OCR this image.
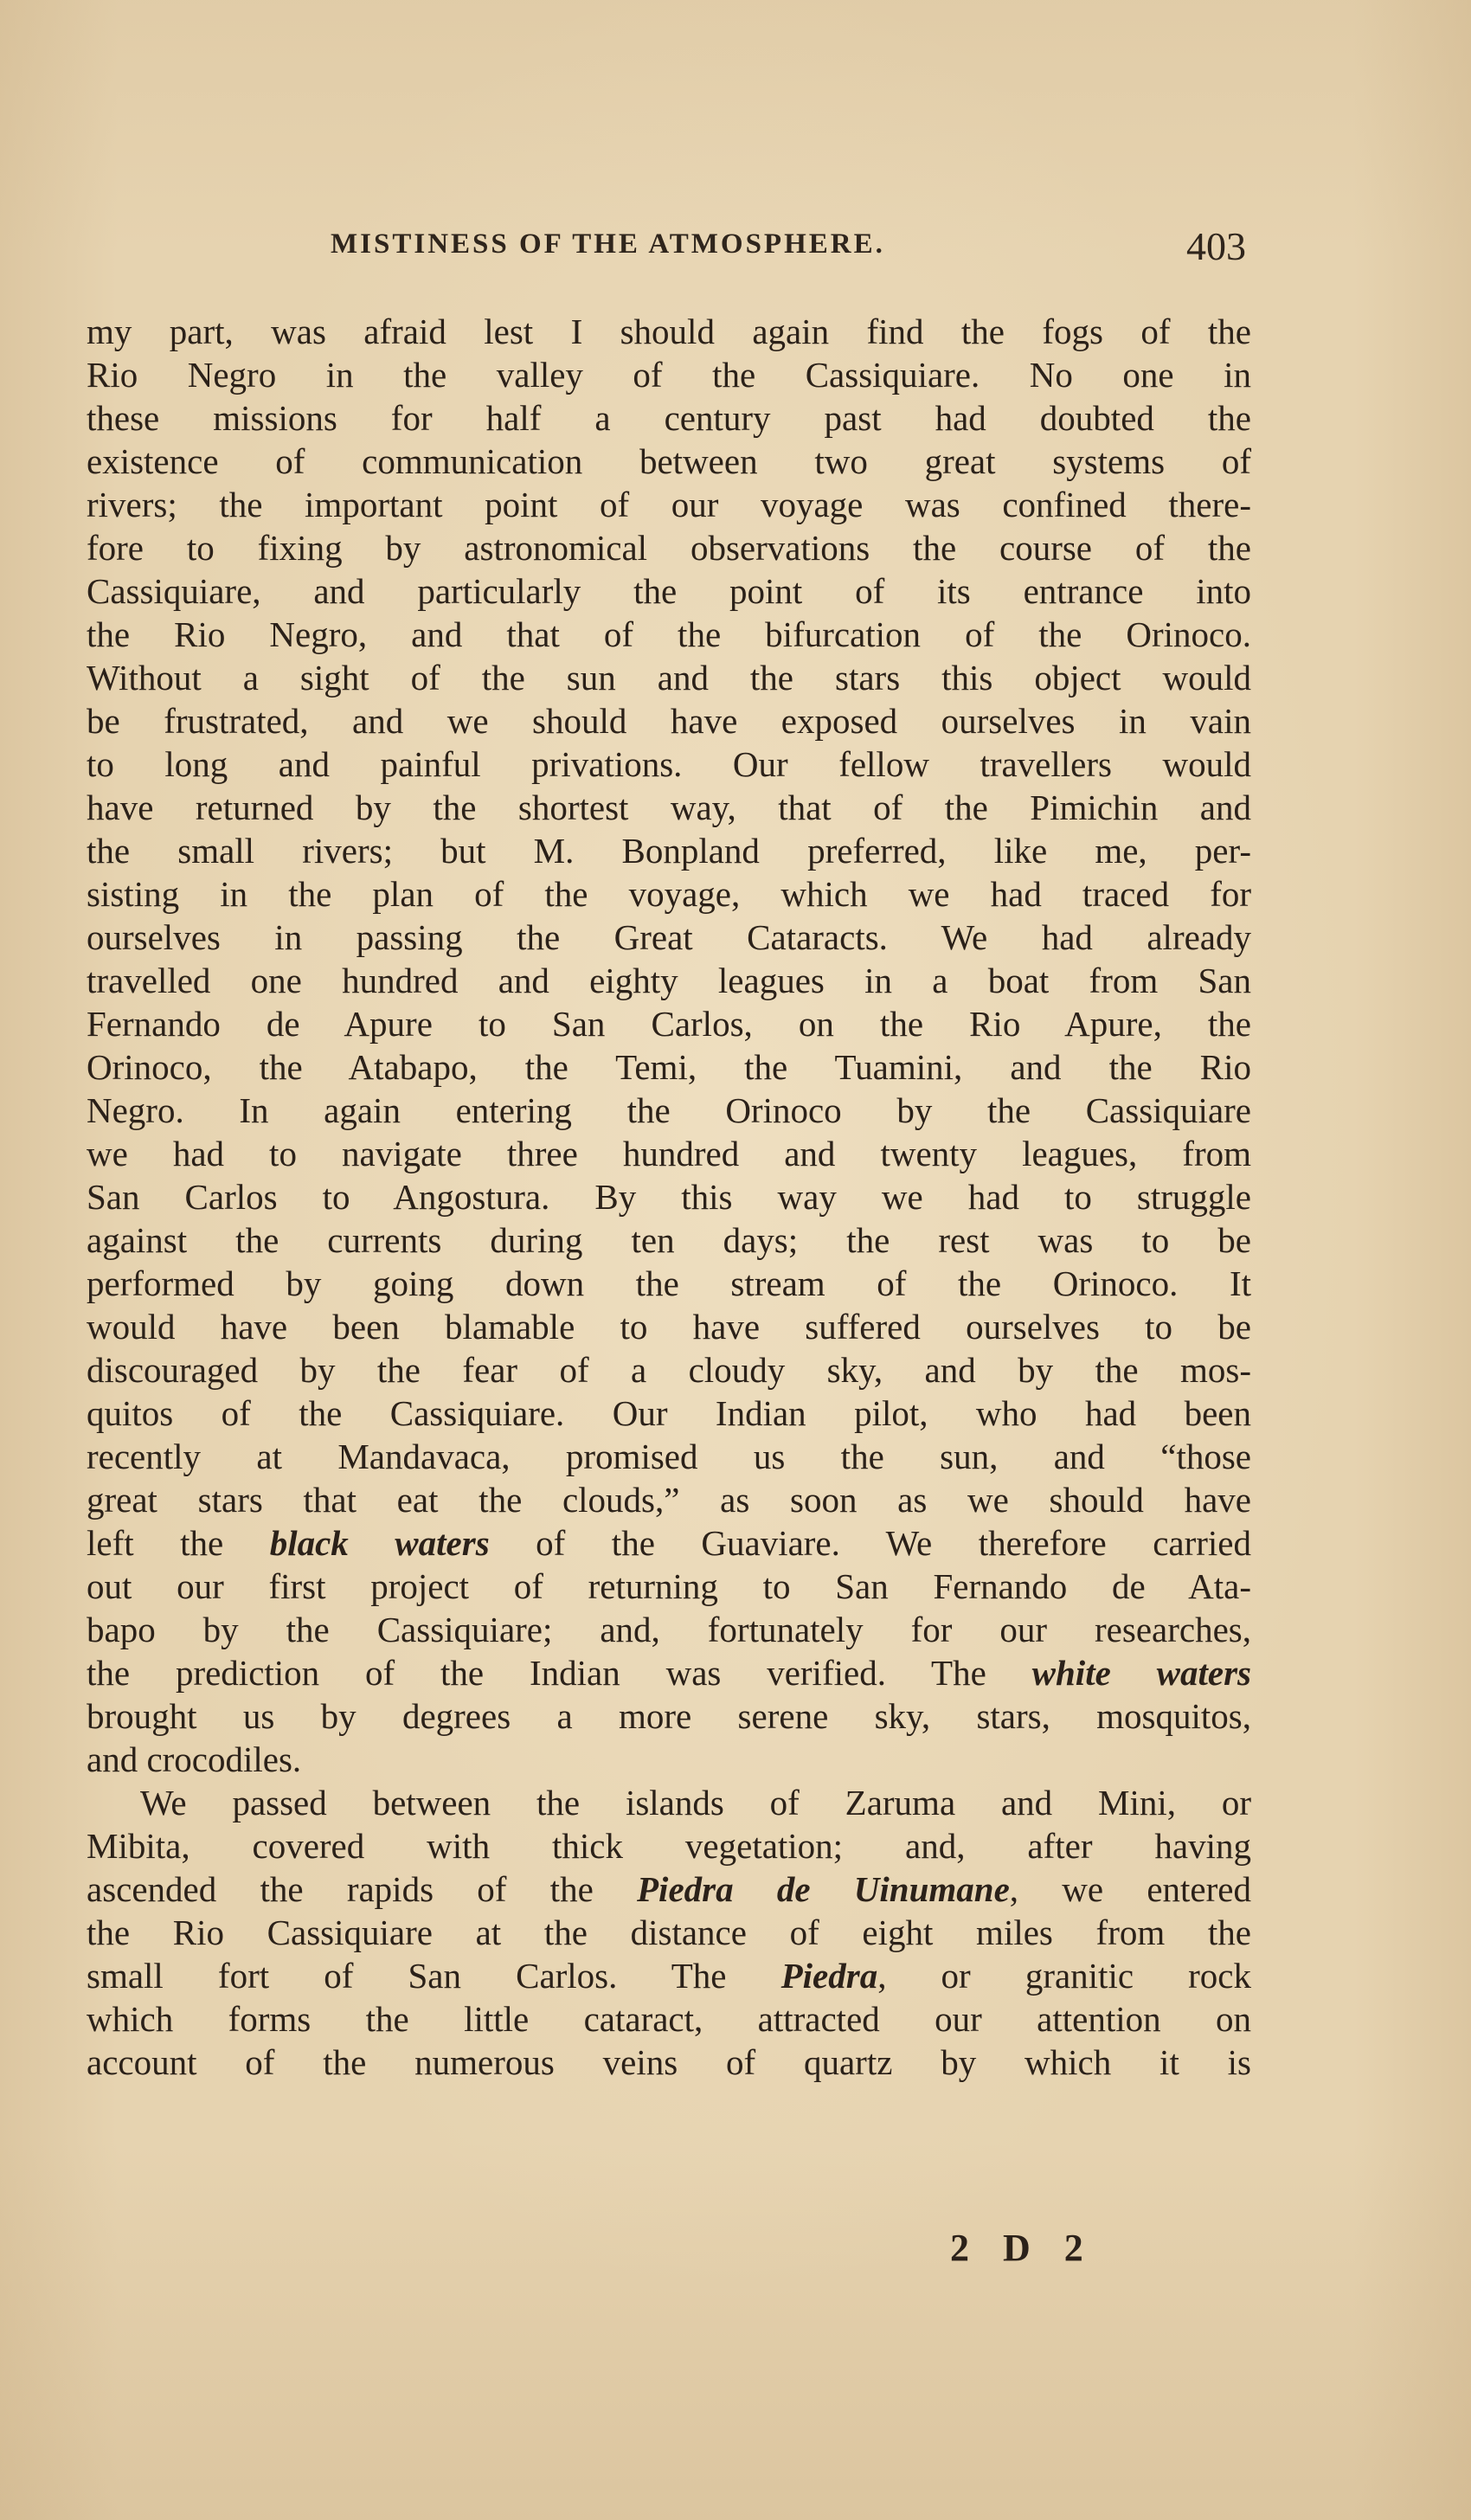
MISTINESS OF THE ATMOSPHERE.	403
my part, was afraid lest I should again find the fogs of the
Rio Negro in the valley of the Cassiquiare. No one in
these missions for half a century past had doubted the
existence of communication between two great systems of
rivers; the important point of our voyage was confined there-
fore to fixing by astronomical observations the course of the
Cassiquiare, and particularly the point of its entrance into
the Rio Negro, and that of the bifurcation of the Orinoco.
Without a sight of the sun and the stars this object would
be frustrated, and we should have exposed ourselves in vain
to long and painful privations. Our fellow travellers would
have returned by the shortest way, that of the Pimichin and
the small rivers; but M. Bonpland preferred, like me, per-
sisting in the plan of the voyage, which we had traced for
ourselves in passing the Great Cataracts. We had already
travelled one hundred and eighty leagues in a boat from San
Fernando de Apure to San Carlos, on the Rio Apure, the
Orinoco, the Atabapo, the Temi, the Tuamini, and the Rio
Negro. In again entering the Orinoco by the Cassiquiare
we had to navigate three hundred and twenty leagues, from
San Carlos to Angostura. By this way we had to struggle
against the currents during ten days; the rest was to be
performed by going down the stream of the Orinoco. It
would have been blamable to have suffered ourselves to be
discouraged by the fear of a cloudy sky, and by the mos-
quitos of the Cassiquiare. Our Indian pilot, who had been
recently at Mandavaca, promised us the sun, and “those
great stars that eat the clouds,” as soon as we should have
left the black waters of the Guaviare. We therefore carried
out our first project of returning to San Fernando de Ata-
bapo by the Cassiquiare; and, fortunately for our researches,
the prediction of the Indian was verified. The white waters
brought us by degrees a more serene sky, stars, mosquitos,
and crocodiles.
We passed between the islands of Zaruma and Mini, or
Mibita, covered with thick vegetation; and, after having
ascended the rapids of the Piedra de Uinumane, we entered
the Rio Cassiquiare at the distance of eight miles from the
small fort of San Carlos. The Piedra, or granitic rock
which forms the little cataract, attracted our attention on
account of the numerous veins of quartz by which it is
2 D 2
